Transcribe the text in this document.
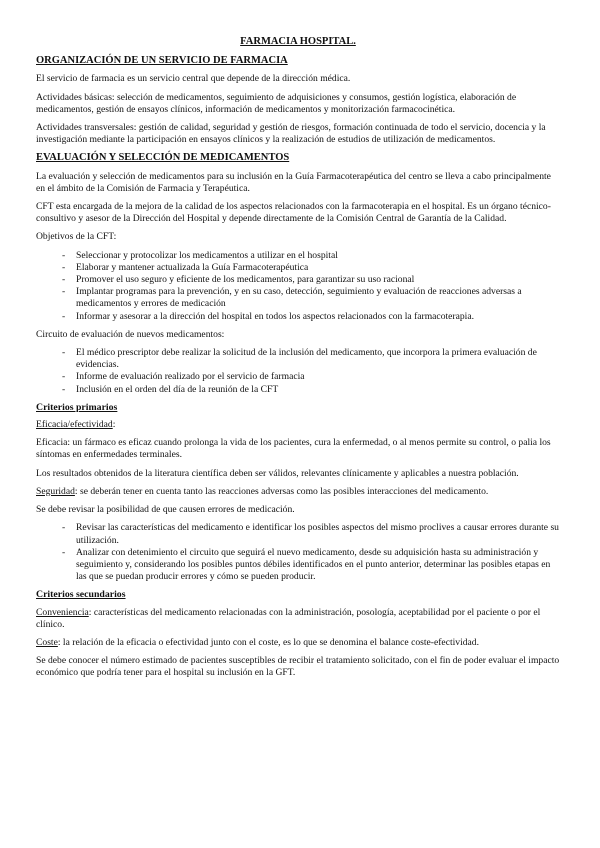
FARMACIA HOSPITAL.
ORGANIZACIÓN DE UN SERVICIO DE FARMACIA

El servicio de farmacia es un servicio central que depende de la dirección médica.

Actividades básicas: selección de medicamentos, seguimiento de adquisiciones y consumos, gestión logística, elaboración de medicamentos, gestión de ensayos clínicos, información de medicamentos y monitorización farmacocinética.

Actividades transversales: gestión de calidad, seguridad y gestión de riesgos, formación continuada de todo el servicio, docencia y la investigación mediante la participación en ensayos clínicos y la realización de estudios de utilización de medicamentos.

EVALUACIÓN Y SELECCIÓN DE MEDICAMENTOS

La evaluación y selección de medicamentos para su inclusión en la Guía Farmacoterapéutica del centro se lleva a cabo principalmente en el ámbito de la Comisión de Farmacia y Terapéutica.

CFT esta encargada de la mejora de la calidad de los aspectos relacionados con la farmacoterapia en el hospital. Es un órgano técnico-consultivo y asesor de la Dirección del Hospital y depende directamente de la Comisión Central de Garantía de la Calidad.

Objetivos de la CFT:

- Seleccionar y protocolizar los medicamentos a utilizar en el hospital
- Elaborar y mantener actualizada la Guía Farmacoterapéutica
- Promover el uso seguro y eficiente de los medicamentos, para garantizar su uso racional
- Implantar programas para la prevención, y en su caso, detección, seguimiento y evaluación de reacciones adversas a medicamentos y errores de medicación
- Informar y asesorar a la dirección del hospital en todos los aspectos relacionados con la farmacoterapia.

Circuito de evaluación de nuevos medicamentos:

- El médico prescriptor debe realizar la solicitud de la inclusión del medicamento, que incorpora la primera evaluación de evidencias.
- Informe de evaluación realizado por el servicio de farmacia
- Inclusión en el orden del día de la reunión de la CFT
Criterios primarios

Eficacia/efectividad:

Eficacia: un fármaco es eficaz cuando prolonga la vida de los pacientes, cura la enfermedad, o al menos permite su control, o palia los síntomas en enfermedades terminales.

Los resultados obtenidos de la literatura científica deben ser válidos, relevantes clínicamente y aplicables a nuestra población.

Seguridad: se deberán tener en cuenta tanto las reacciones adversas como las posibles interacciones del medicamento.

Se debe revisar la posibilidad de que causen errores de medicación.

- Revisar las características del medicamento e identificar los posibles aspectos del mismo proclives a causar errores durante su utilización.
- Analizar con detenimiento el circuito que seguirá el nuevo medicamento, desde su adquisición hasta su administración y seguimiento y, considerando los posibles puntos débiles identificados en el punto anterior, determinar las posibles etapas en las que se puedan producir errores y cómo se pueden producir.
Criterios secundarios

Conveniencia: características del medicamento relacionadas con la administración, posología, aceptabilidad por el paciente o por el clínico.

Coste: la relación de la eficacia o efectividad junto con el coste, es lo que se denomina el balance coste-efectividad.

Se debe conocer el número estimado de pacientes susceptibles de recibir el tratamiento solicitado, con el fin de poder evaluar el impacto económico que podría tener para el hospital su inclusión en la GFT.
